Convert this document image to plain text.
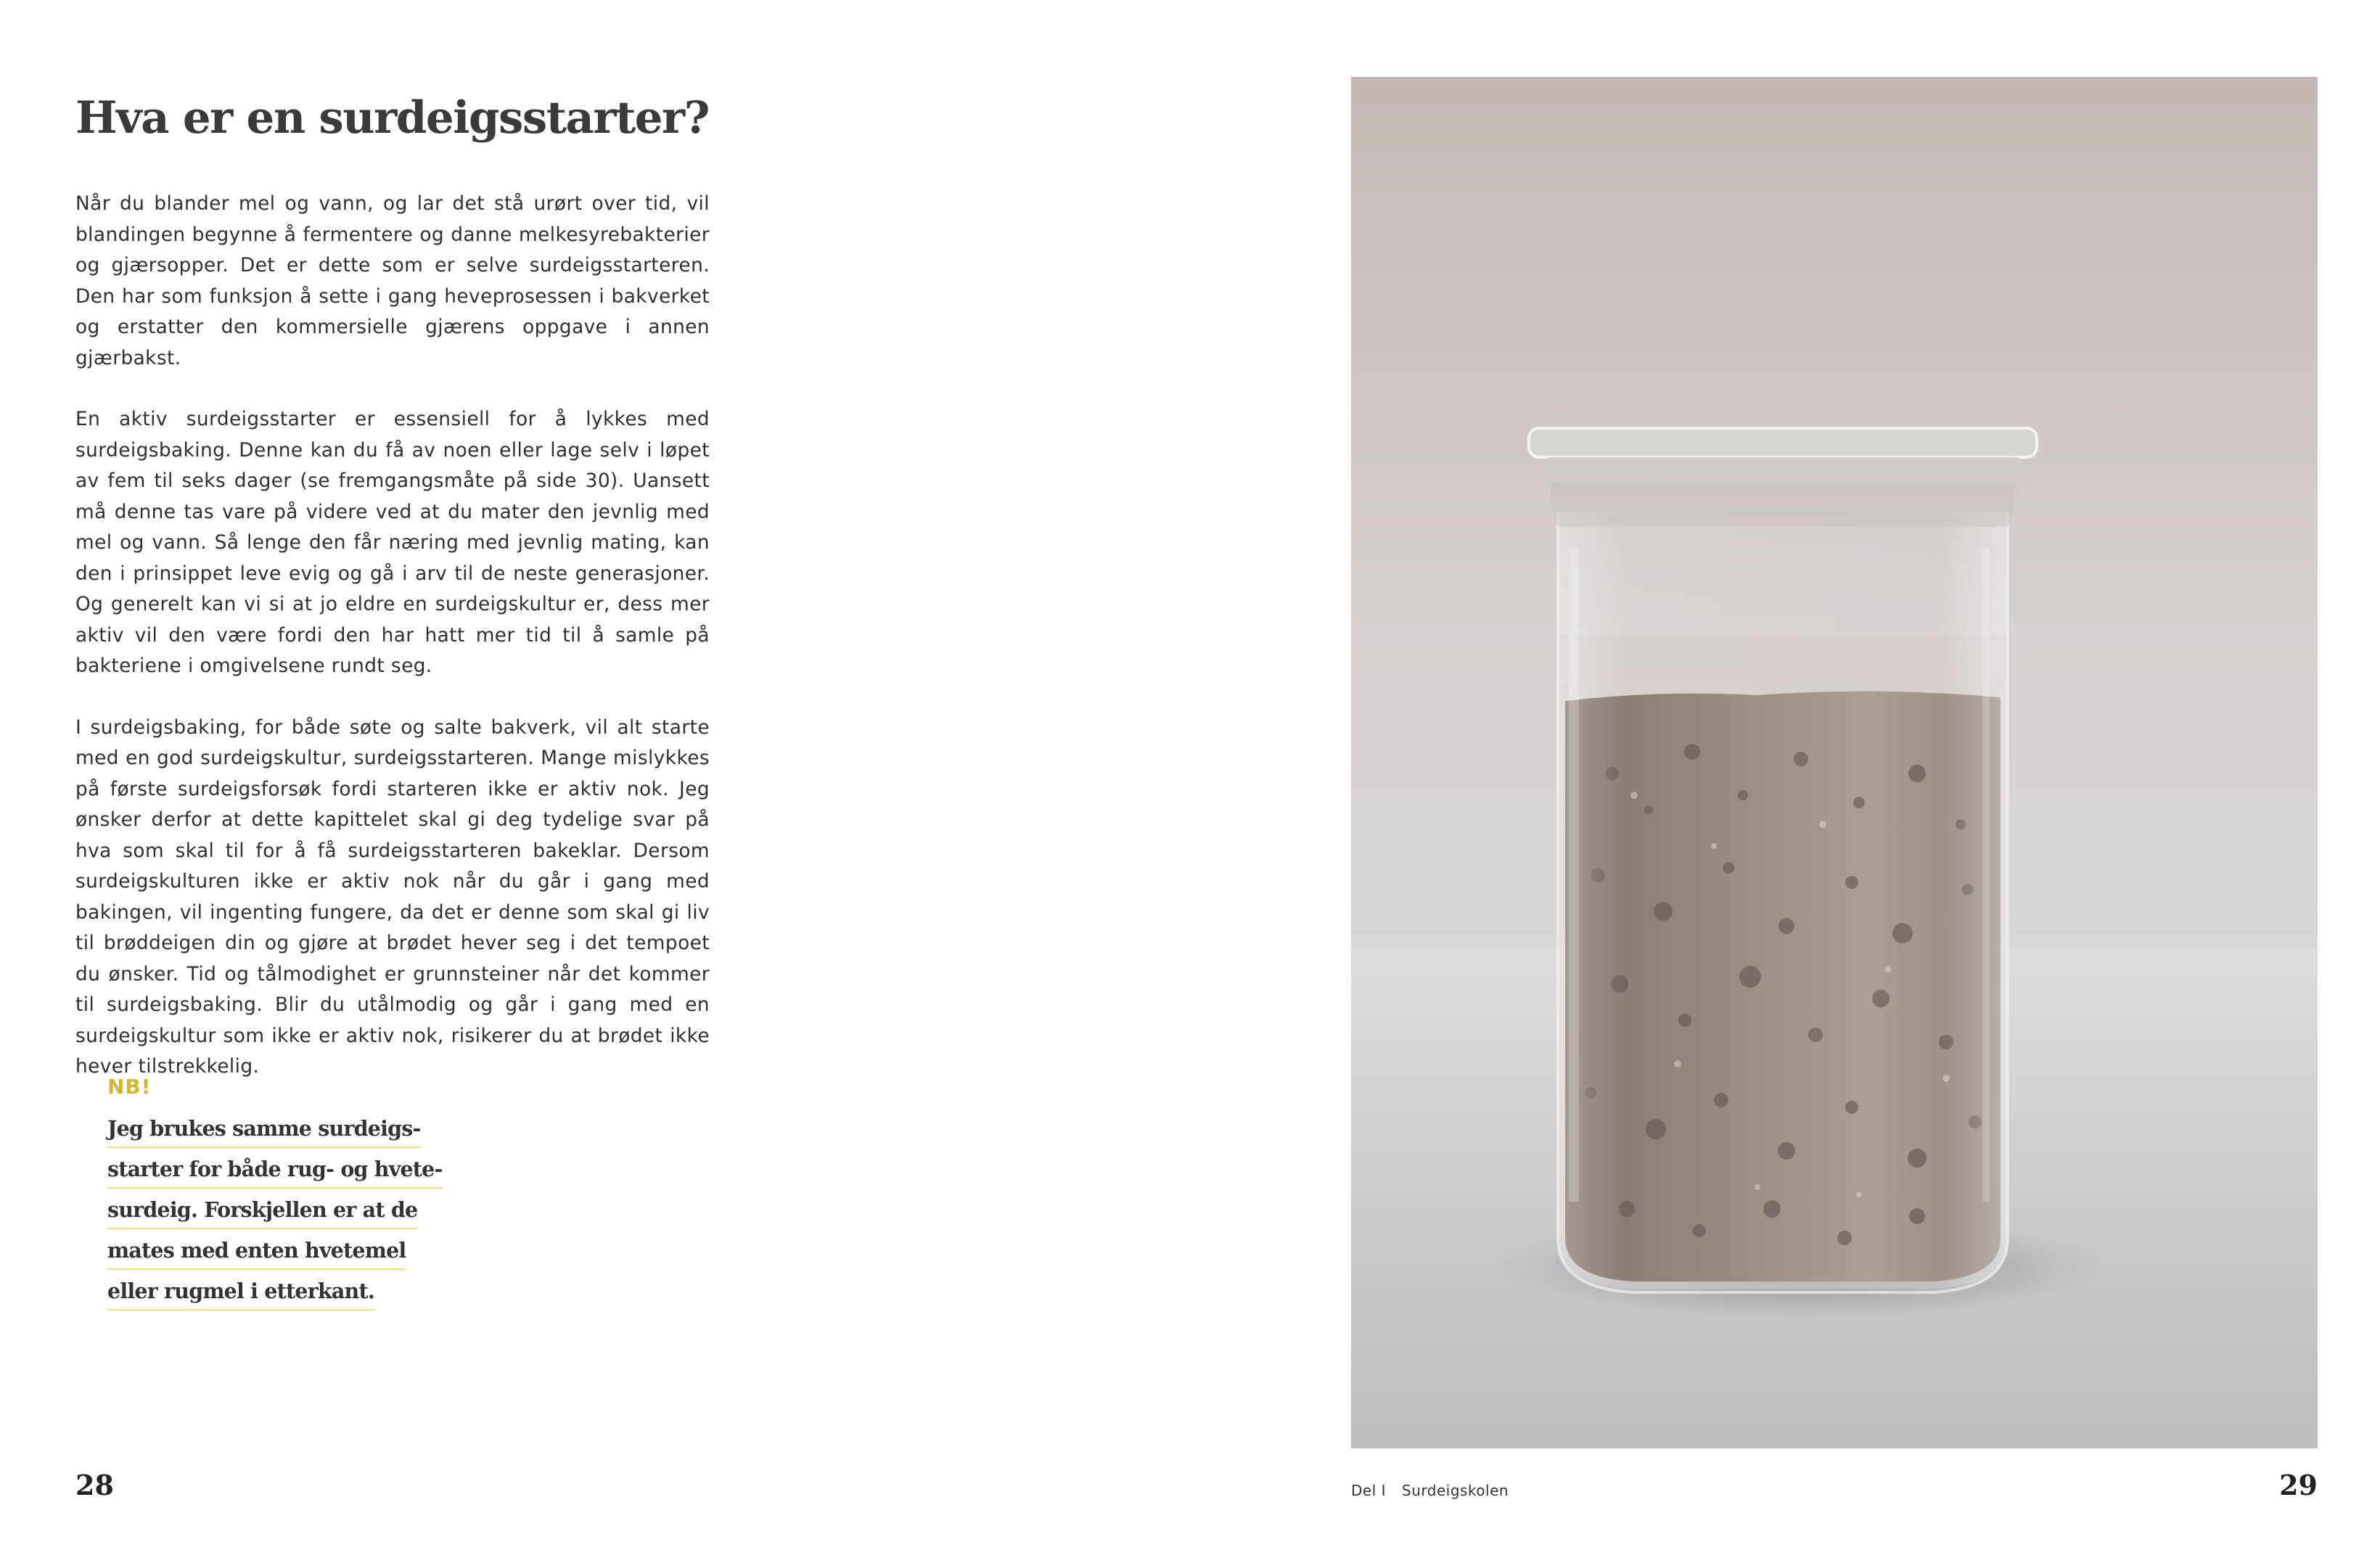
Hva er en surdeigsstarter?

Når du blander mel og vann, og lar det stå urørt over tid, vil blandingen begynne å fermentere og danne melkesyrebakterier og gjærsopper. Det er dette som er selve surdeigsstarteren. Den har som funksjon å sette i gang heveprosessen i bakverket og erstatter den kommersielle gjærens oppgave i annen gjærbakst.

En aktiv surdeigsstarter er essensiell for å lykkes med surdeigsbaking. Denne kan du få av noen eller lage selv i løpet av fem til seks dager (se fremgangsmåte på side 30). Uansett må denne tas vare på videre ved at du mater den jevnlig med mel og vann. Så lenge den får næring med jevnlig mating, kan den i prinsippet leve evig og gå i arv til de neste generasjoner. Og generelt kan vi si at jo eldre en surdeigskultur er, dess mer aktiv vil den være fordi den har hatt mer tid til å samle på bakteriene i omgivelsene rundt seg.

I surdeigsbaking, for både søte og salte bakverk, vil alt starte med en god surdeigskultur, surdeigsstarteren. Mange mislykkes på første surdeigsforsøk fordi starteren ikke er aktiv nok. Jeg ønsker derfor at dette kapittelet skal gi deg tydelige svar på hva som skal til for å få surdeigsstarteren bakeklar. Dersom surdeigskulturen ikke er aktiv nok når du går i gang med bakingen, vil ingenting fungere, da det er denne som skal gi liv til brøddeigen din og gjøre at brødet hever seg i det tempoet du ønsker. Tid og tålmodighet er grunnsteiner når det kommer til surdeigsbaking. Blir du utålmodig og går i gang med en surdeigskultur som ikke er aktiv nok, risikerer du at brødet ikke hever tilstrekkelig.

NB!

Jeg brukes samme surdeigs-

starter for både rug- og hvete-

surdeig. Forskjellen er at de

mates med enten hvetemel

eller rugmel i etterkant.

28	Del I Surdeigskolen	29
